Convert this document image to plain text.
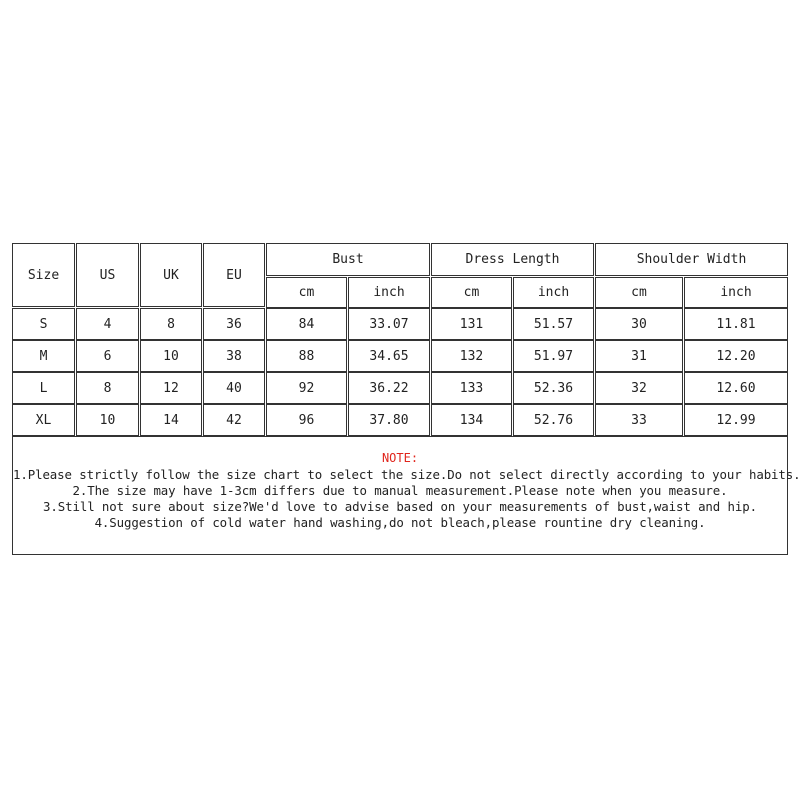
Size	US	UK	EU
Bust	Dress Length	Shoulder Width
cm	inch	cm	inch	cm	inch
S	4	8	36	84	33.07	131	51.57	30	11.81
M	6	10	38	88	34.65	132	51.97	31	12.20
L	8	12	40	92	36.22	133	52.36	32	12.60
XL	10	14	42	96	37.80	134	52.76	33	12.99
NOTE:
1.Please strictly follow the size chart to select the size.Do not select directly according to your habits.
2.The size may have 1-3cm differs due to manual measurement.Please note when you measure.
3.Still not sure about size?We'd love to advise based on your measurements of bust,waist and hip.
4.Suggestion of cold water hand washing,do not bleach,please rountine dry cleaning.
